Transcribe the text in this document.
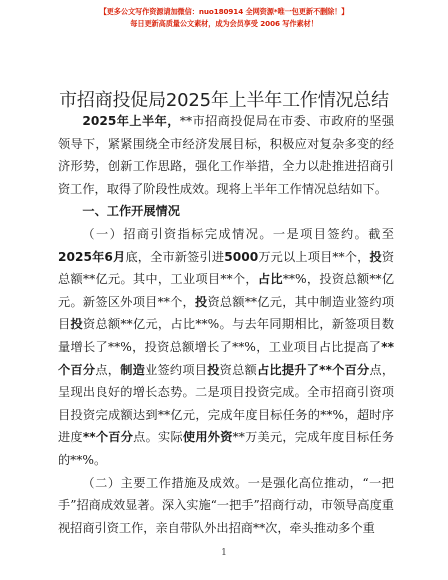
【更多公文写作资源请加微信：nuo180914 全网资源*唯一包更新不删除！】
每日更新高质量公文素材，成为会员享受 2006 写作素材！
市招商投促局2025年上半年工作情况总结

2025年上半年，**市招商投促局在市委、市政府的坚强领导下，紧紧围绕全市经济发展目标，积极应对复杂多变的经济形势，创新工作思路，强化工作举措，全力以赴推进招商引资工作，取得了阶段性成效。现将上半年工作情况总结如下。

一、工作开展情况

（一）招商引资指标完成情况。一是项目签约。截至2025年6月底，全市新签引进5000万元以上项目**个，投资总额**亿元。其中，工业项目**个，占比**%，投资总额**亿元。新签区外项目**个，投资总额**亿元，其中制造业签约项目投资总额**亿元，占比**%。与去年同期相比，新签项目数量增长了**%，投资总额增长了**%，工业项目占比提高了**个百分点，制造业签约项目投资总额占比提升了**个百分点，呈现出良好的增长态势。二是项目投资完成。全市招商引资项目投资完成额达到**亿元，完成年度目标任务的**%，超时序进度**个百分点。实际使用外资**万美元，完成年度目标任务的**%。

（二）主要工作措施及成效。一是强化高位推动，“一把手”招商成效显著。深入实施“一把手”招商行动，市领导高度重视招商引资工作，亲自带队外出招商**次，牵头推动多个重

1
